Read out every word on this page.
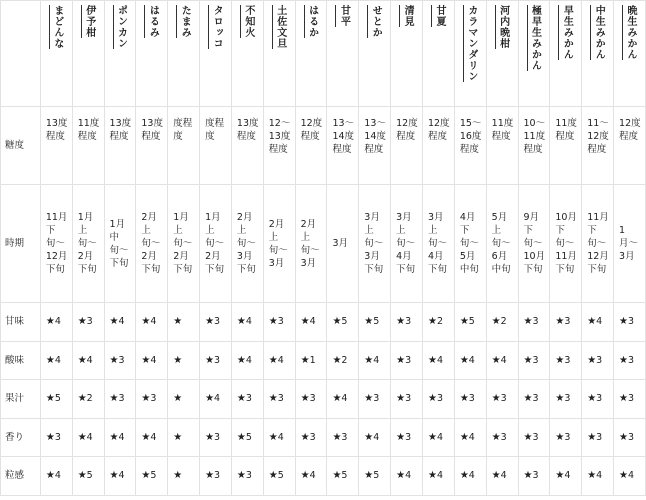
	まどんな	伊予柑	ポンカン	はるみ	たまみ	タロッコ	不知火	土佐文旦	はるか	甘平	せとか	清見	甘夏	カラマンダリン	河内晩柑	極早生みかん	早生みかん	中生みかん	晩生みかん
糖度	13度程度	11度程度	13度程度	13度程度	度程度	度程度	13度程度	12〜13度程度	12度程度	13〜14度程度	13〜14度程度	12度程度	12度程度	15〜16度程度	11度程度	10〜11度程度	11度程度	11〜12度程度	12度程度
時期	11月下旬〜12月下旬	1月上旬〜2月下旬	1月中旬〜下旬	2月上旬〜2月下旬	1月上旬〜2月下旬	1月上旬〜2月下旬	2月上旬〜3月下旬	2月上旬〜3月	2月上旬〜3月	3月	3月上旬〜3月下旬	3月上旬〜4月下旬	3月上旬〜4月下旬	4月下旬〜5月中旬	5月上旬〜6月中旬	9月下旬〜10月下旬	10月下旬〜11月下旬	11月下旬〜12月下旬	1月〜3月
甘味	★4	★3	★4	★4	★	★3	★4	★3	★4	★5	★5	★3	★2	★5	★2	★3	★3	★4	★3
酸味	★4	★4	★3	★4	★	★3	★4	★4	★1	★2	★4	★3	★4	★4	★4	★3	★3	★3	★3
果汁	★5	★2	★3	★3	★	★4	★3	★3	★3	★4	★3	★3	★3	★3	★3	★3	★3	★3	★3
香り	★3	★4	★4	★4	★	★3	★5	★4	★3	★3	★4	★3	★4	★4	★3	★3	★3	★3	★3
粒感	★4	★5	★4	★5	★	★3	★3	★5	★4	★5	★5	★4	★4	★4	★4	★3	★4	★4	★4
